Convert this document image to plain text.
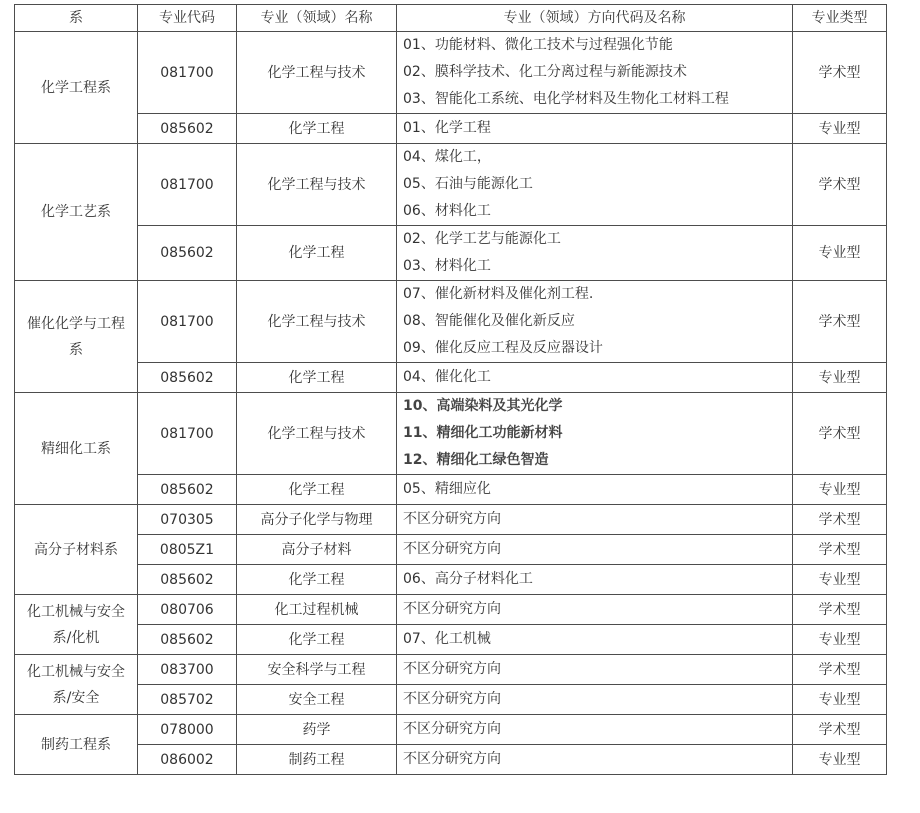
系	专业代码	专业（领域）名称	专业（领域）方向代码及名称	专业类型
化学工程系	081700	化学工程与技术	01、功能材料、微化工技术与过程强化节能
02、膜科学技术、化工分离过程与新能源技术
03、智能化工系统、电化学材料及生物化工材料工程	学术型
	085602	化学工程	01、化学工程	专业型
化学工艺系	081700	化学工程与技术	04、煤化工，
05、石油与能源化工
06、材料化工	学术型
	085602	化学工程	02、化学工艺与能源化工
03、材料化工	专业型
催化化学与工程系	081700	化学工程与技术	07、催化新材料及催化剂工程.
08、智能催化及催化新反应
09、催化反应工程及反应器设计	学术型
	085602	化学工程	04、催化化工	专业型
精细化工系	081700	化学工程与技术	10、高端染料及其光化学
11、精细化工功能新材料
12、精细化工绿色智造	学术型
	085602	化学工程	05、精细应化	专业型
高分子材料系	070305	高分子化学与物理	不区分研究方向	学术型
	0805Z1	高分子材料	不区分研究方向	学术型
	085602	化学工程	06、高分子材料化工	专业型
化工机械与安全系/化机	080706	化工过程机械	不区分研究方向	学术型
	085602	化学工程	07、化工机械	专业型
化工机械与安全系/安全	083700	安全科学与工程	不区分研究方向	学术型
	085702	安全工程	不区分研究方向	专业型
制药工程系	078000	药学	不区分研究方向	学术型
	086002	制药工程	不区分研究方向	专业型
